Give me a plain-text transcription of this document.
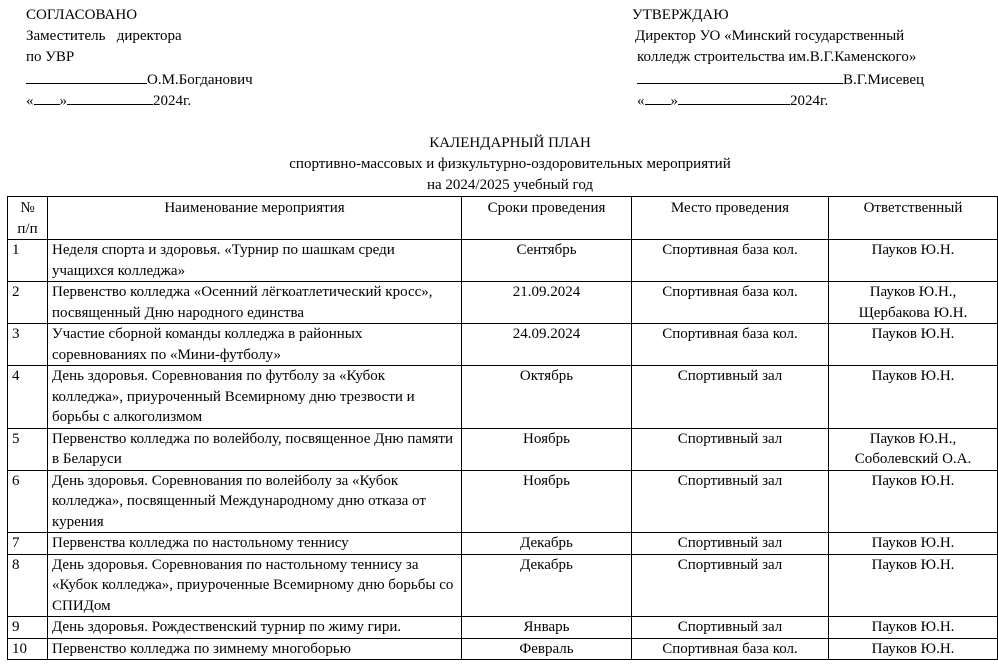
СОГЛАСОВАНО
Заместитель   директора
по УВР
О.М.Богданович
« »	2024г.
УТВЕРЖДАЮ
Директор УО «Минский государственный
колледж строительства им.В.Г.Каменского»
В.Г.Мисевец
« »	2024г.
КАЛЕНДАРНЫЙ ПЛАН
спортивно-массовых и физкультурно-оздоровительных мероприятий
на 2024/2025 учебный год
№
п/п	Наименование мероприятия	Сроки проведения	Место проведения	Ответственный
1	Неделя спорта и здоровья. «Турнир по шашкам среди учащихся колледжа»	Сентябрь	Спортивная база кол.	Пауков Ю.Н.
2	Первенство колледжа «Осенний лёгкоатлетический кросс», посвященный Дню народного единства	21.09.2024	Спортивная база кол.	Пауков Ю.Н., Щербакова Ю.Н.
3	Участие сборной команды колледжа в районных соревнованиях по «Мини-футболу»	24.09.2024	Спортивная база кол.	Пауков Ю.Н.
4	День здоровья. Соревнования по футболу за «Кубок колледжа», приуроченный Всемирному дню трезвости и борьбы с алкоголизмом	Октябрь	Спортивный зал	Пауков Ю.Н.
5	Первенство колледжа по волейболу, посвященное Дню памяти в Беларуси	Ноябрь	Спортивный зал	Пауков Ю.Н., Соболевский О.А.
6	День здоровья. Соревнования по волейболу за «Кубок колледжа», посвященный Международному дню отказа от курения	Ноябрь	Спортивный зал	Пауков Ю.Н.
7	Первенства колледжа по настольному теннису	Декабрь	Спортивный зал	Пауков Ю.Н.
8	День здоровья. Соревнования по настольному теннису за «Кубок колледжа», приуроченные Всемирному дню борьбы со СПИДом	Декабрь	Спортивный зал	Пауков Ю.Н.
9	День здоровья. Рождественский турнир по жиму гири.	Январь	Спортивный зал	Пауков Ю.Н.
10	Первенство колледжа по зимнему многоборью	Февраль	Спортивная база кол.	Пауков Ю.Н.
